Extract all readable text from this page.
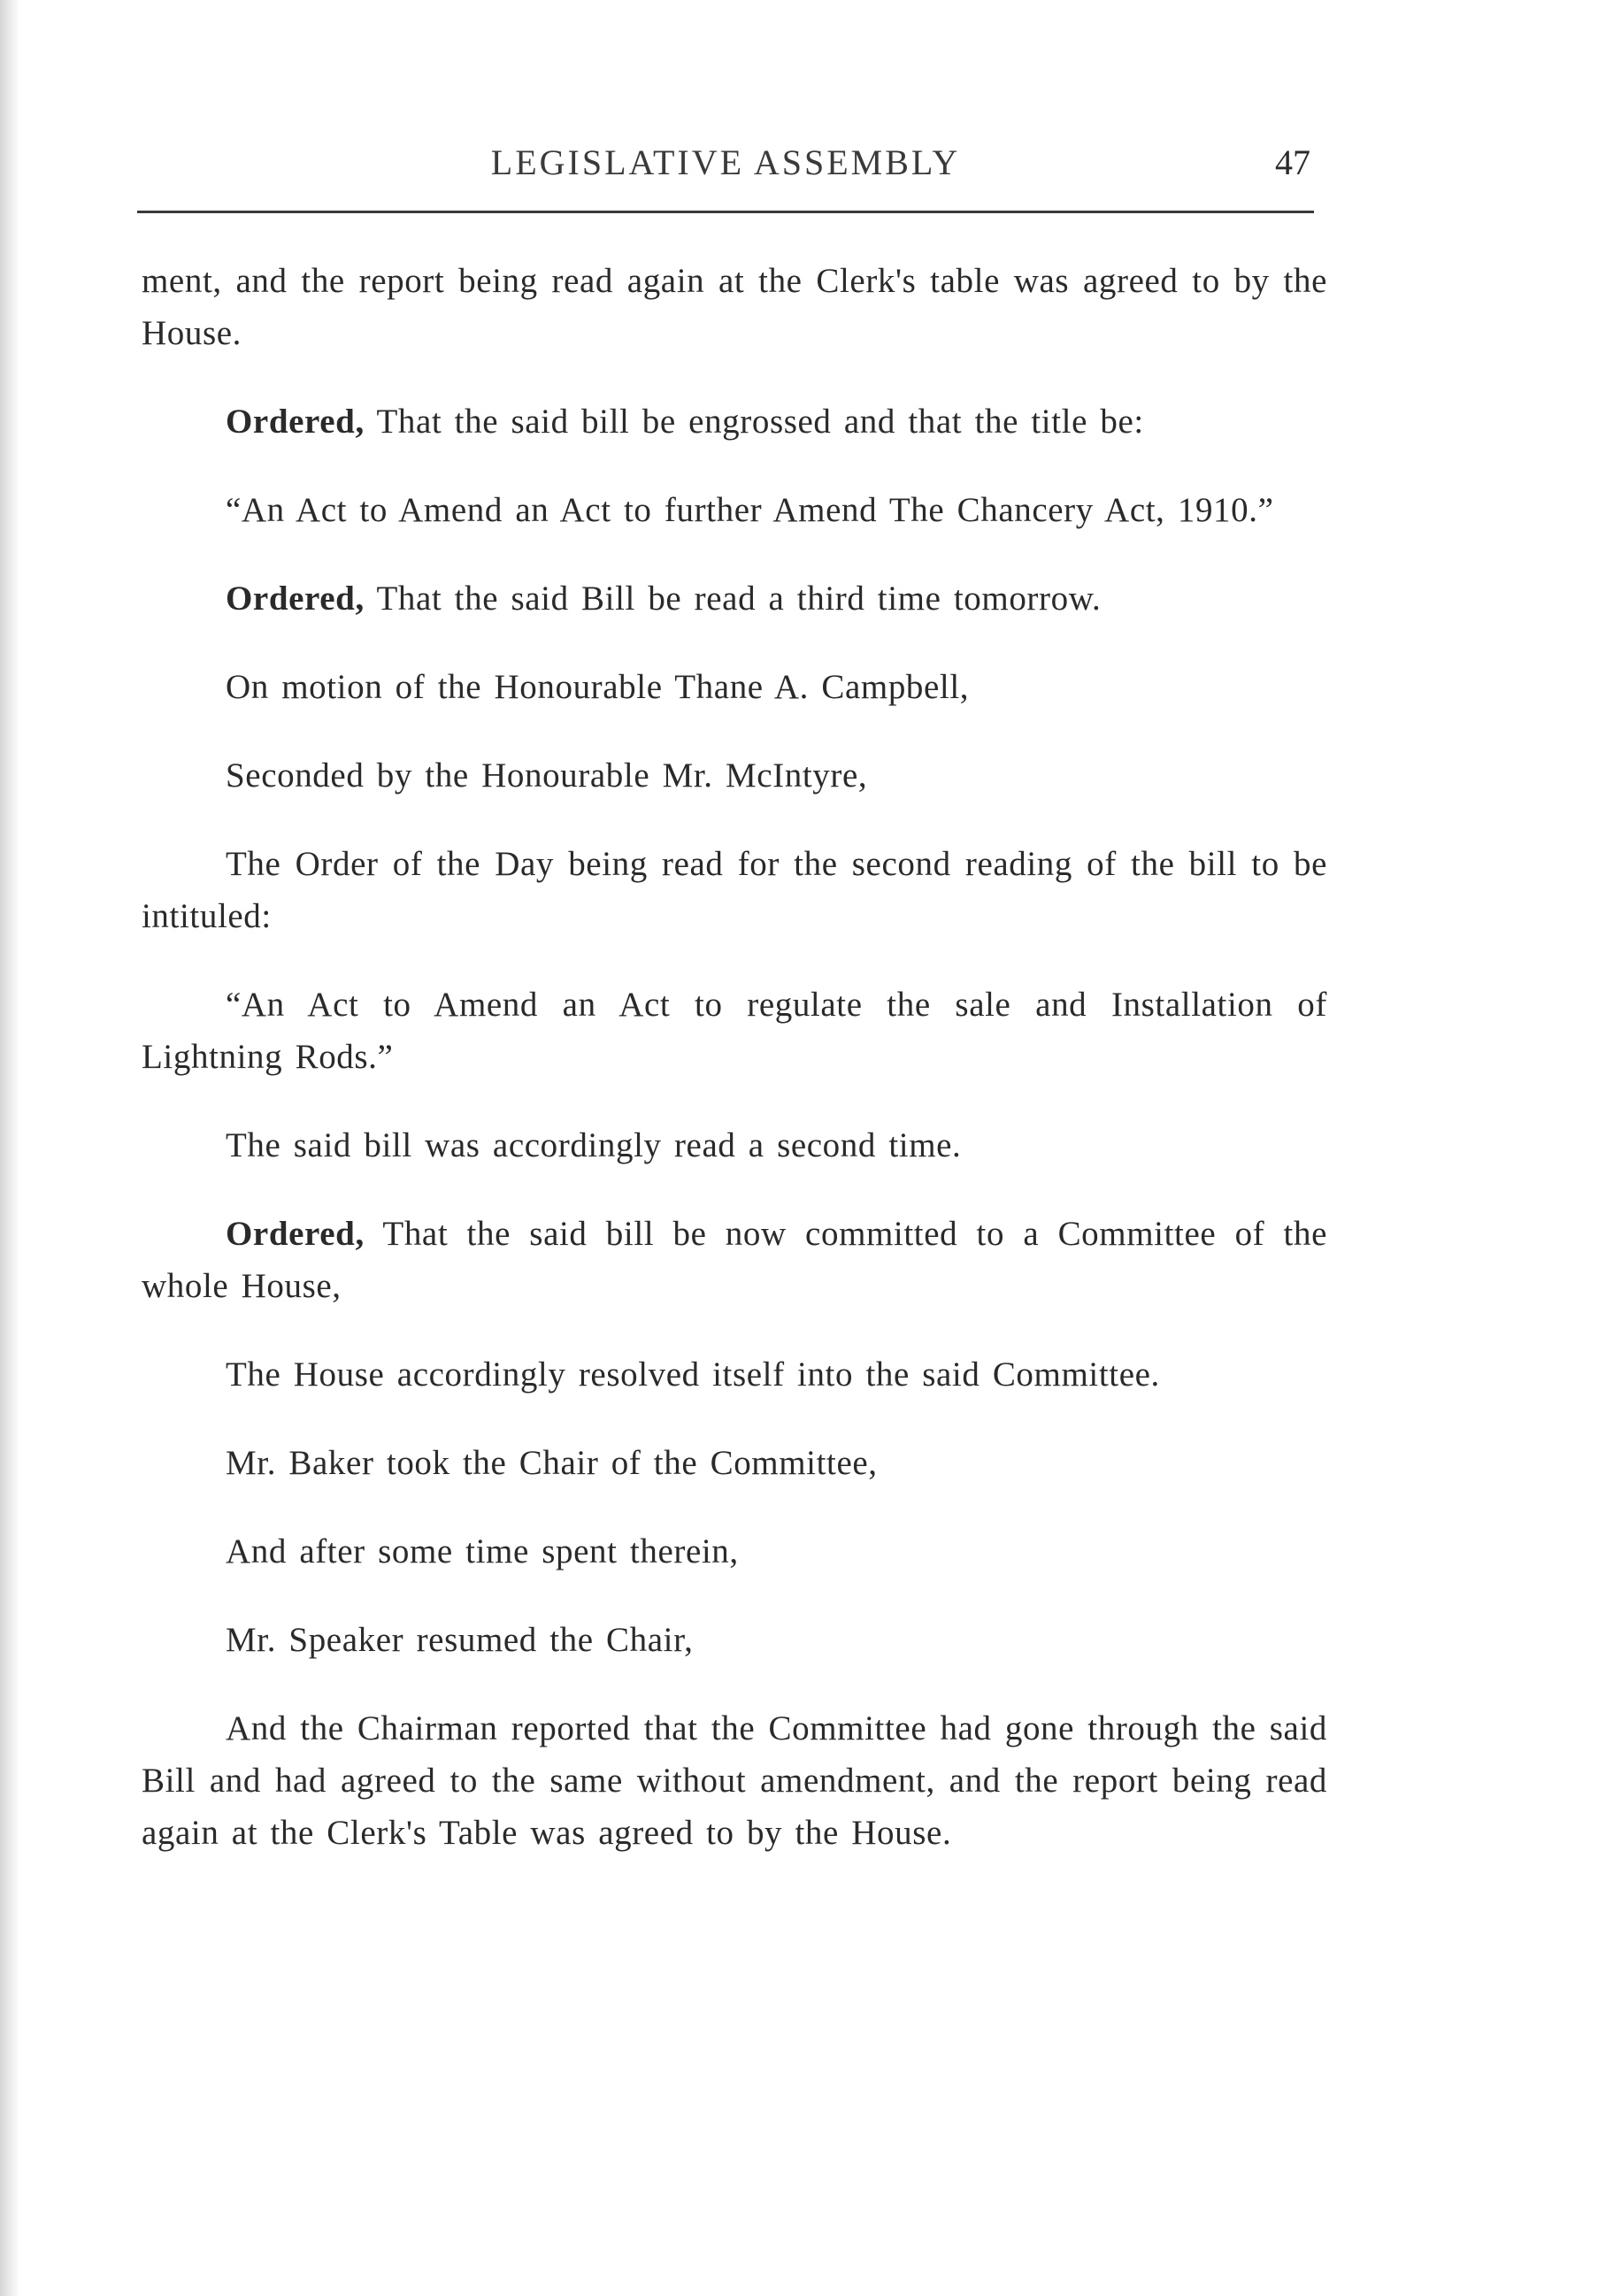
LEGISLATIVE ASSEMBLY	47

ment, and the report being read again at the Clerk's table was agreed to by the House.

Ordered, That the said bill be engrossed and that the title be:

“An Act to Amend an Act to further Amend The Chancery Act, 1910.”

Ordered, That the said Bill be read a third time tomorrow.

On motion of the Honourable Thane A. Campbell,

Seconded by the Honourable Mr. McIntyre,

The Order of the Day being read for the second reading of the bill to be intituled:

“An Act to Amend an Act to regulate the sale and Installation of Lightning Rods.”

The said bill was accordingly read a second time.

Ordered, That the said bill be now committed to a Committee of the whole House,

The House accordingly resolved itself into the said Committee.

Mr. Baker took the Chair of the Committee,

And after some time spent therein,

Mr. Speaker resumed the Chair,

And the Chairman reported that the Committee had gone through the said Bill and had agreed to the same without amendment, and the report being read again at the Clerk's Table was agreed to by the House.
